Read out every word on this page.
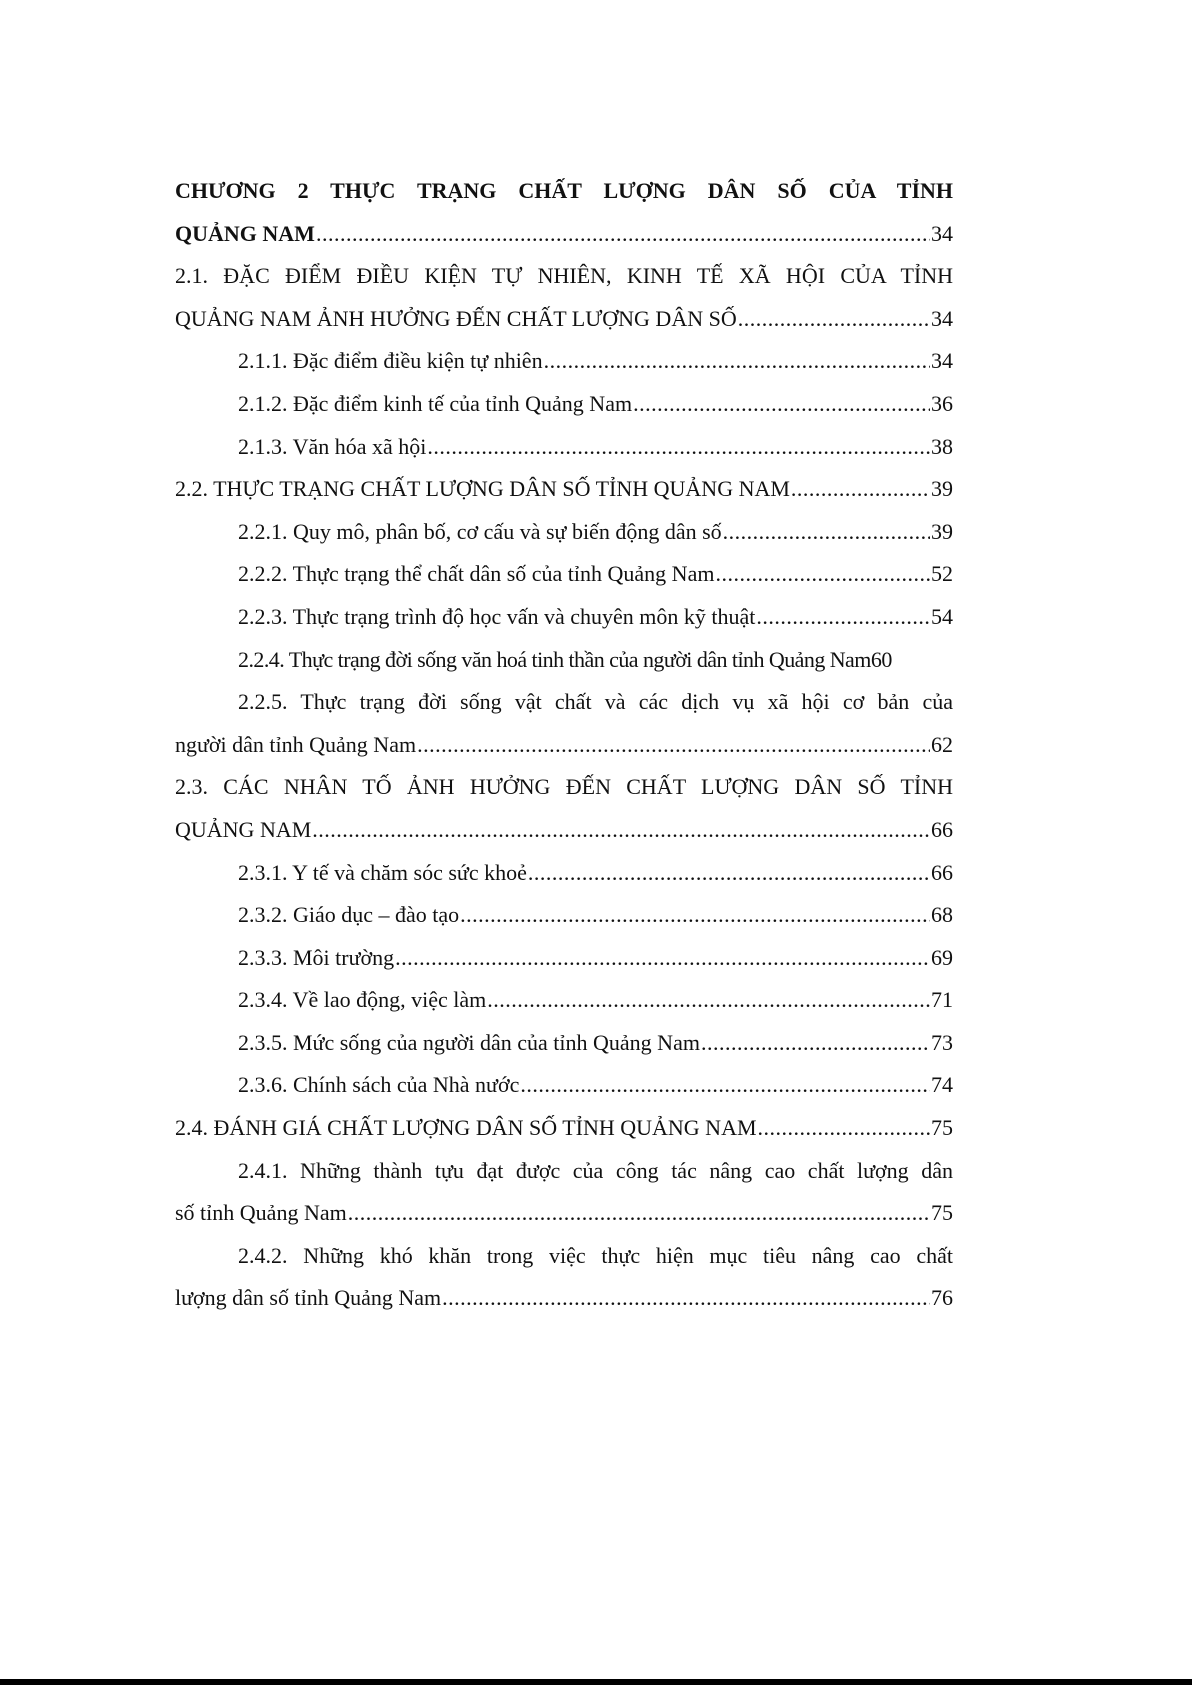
CHƯƠNG 2 THỰC TRẠNG CHẤT LƯỢNG DÂN SỐ CỦA TỈNH
QUẢNG NAM .....	34
2.1. ĐẶC ĐIỂM ĐIỀU KIỆN TỰ NHIÊN, KINH TẾ XÃ HỘI CỦA TỈNH
QUẢNG NAM ẢNH HƯỞNG ĐẾN CHẤT LƯỢNG DÂN SỐ .....	34
2.1.1. Đặc điểm điều kiện tự nhiên .....	34
2.1.2. Đặc điểm kinh tế của tỉnh Quảng Nam .....	36
2.1.3. Văn hóa xã hội .....	38
2.2. THỰC TRẠNG CHẤT LƯỢNG DÂN SỐ TỈNH QUẢNG NAM .....	39
2.2.1. Quy mô, phân bố, cơ cấu và sự biến động dân số .....	39
2.2.2. Thực trạng thể chất dân số của tỉnh Quảng Nam .....	52
2.2.3. Thực trạng trình độ học vấn và chuyên môn kỹ thuật .....	54
2.2.4. Thực trạng đời sống văn hoá tinh thần của người dân tỉnh Quảng Nam 60
2.2.5. Thực trạng đời sống vật chất và các dịch vụ xã hội cơ bản của
người dân tỉnh Quảng Nam .....	62
2.3. CÁC NHÂN TỐ ẢNH HƯỞNG ĐẾN CHẤT LƯỢNG DÂN SỐ TỈNH
QUẢNG NAM .....	66
2.3.1. Y tế và chăm sóc sức khoẻ .....	66
2.3.2. Giáo dục – đào tạo .....	68
2.3.3. Môi trường .....	69
2.3.4. Về lao động, việc làm .....	71
2.3.5. Mức sống của người dân của tỉnh Quảng Nam .....	73
2.3.6. Chính sách của Nhà nước .....	74
2.4. ĐÁNH GIÁ CHẤT LƯỢNG DÂN SỐ TỈNH QUẢNG NAM .....	75
2.4.1. Những thành tựu đạt được của công tác nâng cao chất lượng dân
số tỉnh Quảng Nam .....	75
2.4.2. Những khó khăn trong việc thực hiện mục tiêu nâng cao chất
lượng dân số tỉnh Quảng Nam .....	76
